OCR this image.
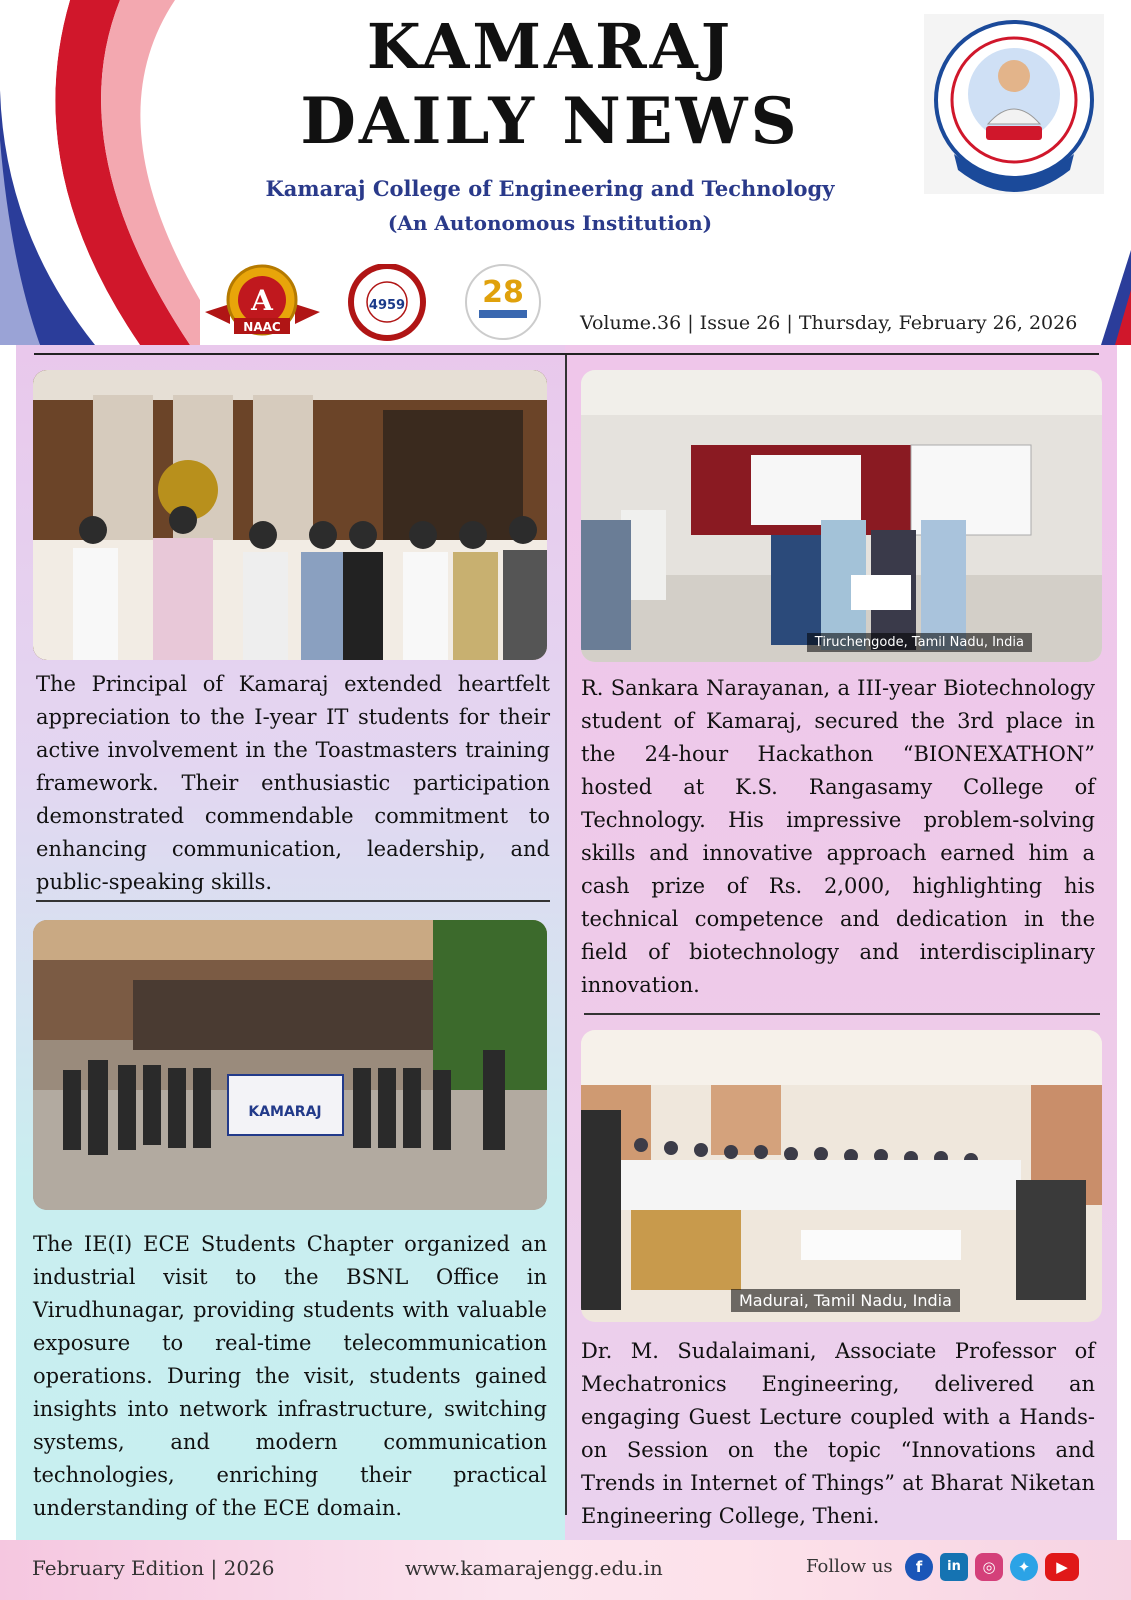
KAMARAJ
DAILY NEWS
Kamaraj College of Engineering and Technology
(An Autonomous Institution)
A
NAAC
4959	28
Volume.36 | Issue 26 | Thursday, February 26, 2026
The Principal of Kamaraj extended heartfelt appreciation to the I-year IT students for their active involvement in the Toastmasters training framework. Their enthusiastic participation demonstrated commendable commitment to enhancing communication, leadership, and public-speaking skills.
KAMARAJ
The IE(I) ECE Students Chapter organized an industrial visit to the BSNL Office in Virudhunagar, providing students with valuable exposure to real-time telecommunication operations. During the visit, students gained insights into network infrastructure, switching systems, and modern communication technologies, enriching their practical understanding of the ECE domain.
Tiruchengode, Tamil Nadu, India
R. Sankara Narayanan, a III-year Biotechnology student of Kamaraj, secured the 3rd place in the 24-hour Hackathon “BIONEXATHON” hosted at K.S. Rangasamy College of Technology. His impressive problem-solving skills and innovative approach earned him a cash prize of Rs. 2,000, highlighting his technical competence and dedication in the field of biotechnology and interdisciplinary innovation.
Madurai, Tamil Nadu, India
Dr. M. Sudalaimani, Associate Professor of Mechatronics Engineering, delivered an engaging Guest Lecture coupled with a Hands-on Session on the topic “Innovations and Trends in Internet of Things” at Bharat Niketan Engineering College, Theni.
February Edition | 2026	www.kamarajengg.edu.in	Follow us	f	in	◎	✦	▶
